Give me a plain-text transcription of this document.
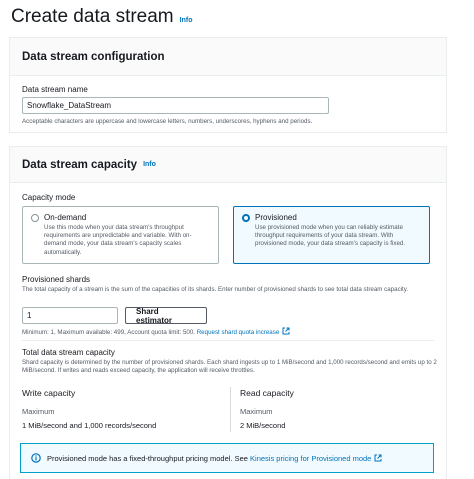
Create data stream Info
Data stream configuration
Data stream name
Snowflake_DataStream
Acceptable characters are uppercase and lowercase letters, numbers, underscores, hyphens and periods.
Data stream capacity Info
Capacity mode
On-demand
Use this mode when your data stream's throughput requirements are unpredictable and variable. With on-demand mode, your data stream's capacity scales automatically.
Provisioned
Use provisioned mode when you can reliably estimate throughput requirements of your data stream. With provisioned mode, your data stream's capacity is fixed.
Provisioned shards
The total capacity of a stream is the sum of the capacities of its shards. Enter number of provisioned shards to see total data stream capacity.
1	Shard estimator
Minimum: 1, Maximum available: 499, Account quota limit: 500. Request shard quota increase
Total data stream capacity
Shard capacity is determined by the number of provisioned shards. Each shard ingests up to 1 MiB/second and 1,000 records/second and emits up to 2 MiB/second. If writes and reads exceed capacity, the application will receive throttles.
Write capacity
Maximum
1 MiB/second and 1,000 records/second
Read capacity
Maximum
2 MiB/second
Provisioned mode has a fixed-throughput pricing model. See Kinesis pricing for Provisioned mode
